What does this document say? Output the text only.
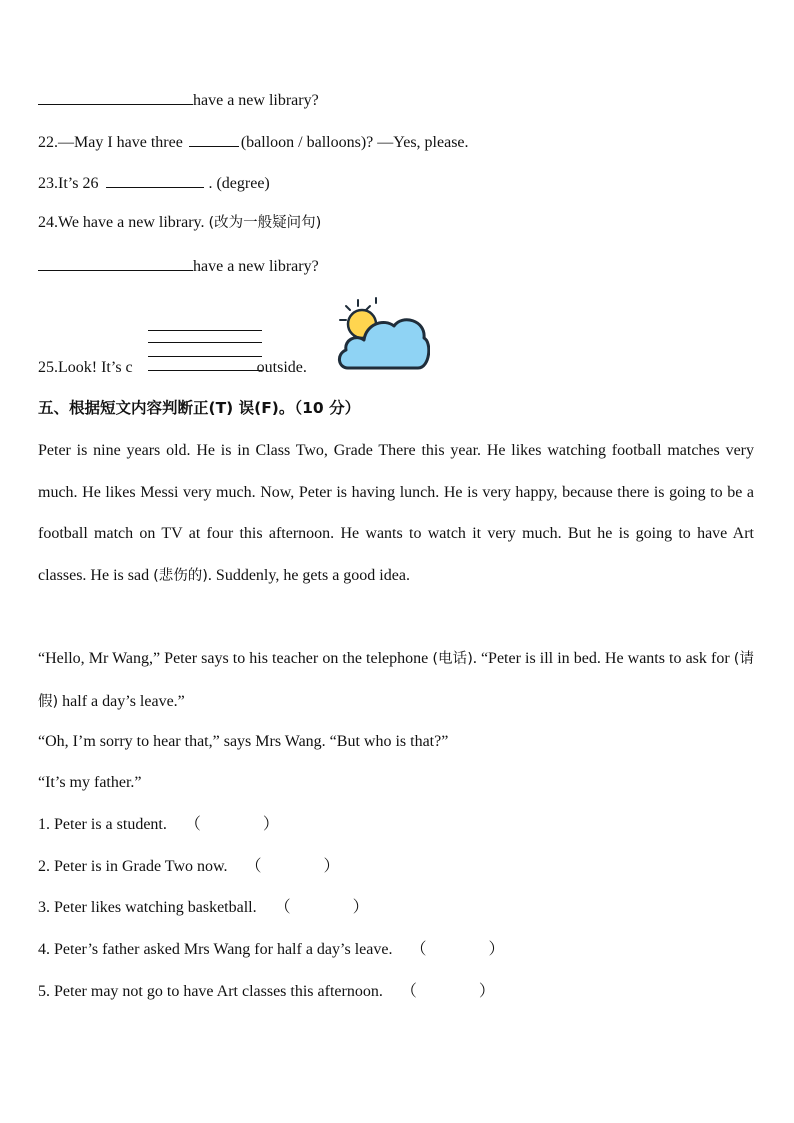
have a new library?
22.—May I have three	(balloon / balloons)? —Yes, please.
23.It’s 26	. (degree)
24.We have a new library. (改为一般疑问句)
have a new library?
25.Look! It’s c	outside.
五、根据短文内容判断正(T) 误(F)。（10 分）
Peter is nine years old. He is in Class Two, Grade There this year. He likes watching football matches very much. He likes Messi very much. Now, Peter is having lunch. He is very happy, because there is going to be a football match on TV at four this afternoon. He wants to watch it very much. But he is going to have Art classes. He is sad (悲伤的). Suddenly, he gets a good idea.
“Hello, Mr Wang,” Peter says to his teacher on the telephone (电话). “Peter is ill in bed. He wants to ask for (请假) half a day’s leave.”
“Oh, I’m sorry to hear that,” says Mrs Wang. “But who is that?”
“It’s my father.”
1. Peter is a student. （	）
2. Peter is in Grade Two now. （	）
3. Peter likes watching basketball. （	）
4. Peter’s father asked Mrs Wang for half a day’s leave. （	）
5. Peter may not go to have Art classes this afternoon. （	）
